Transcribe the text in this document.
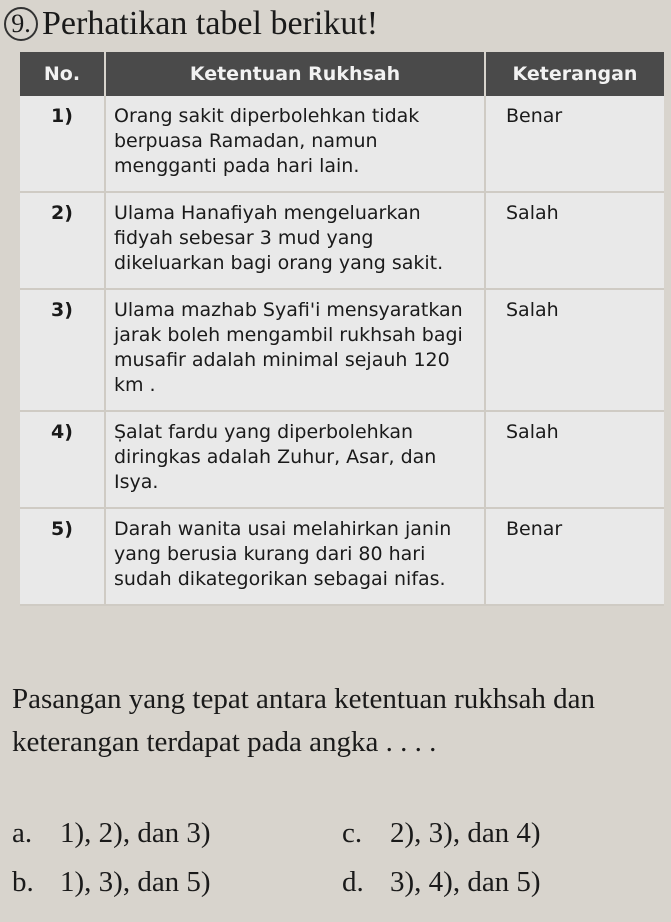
9. Perhatikan tabel berikut!
No.	Ketentuan Rukhsah	Keterangan
1)	Orang sakit diperbolehkan tidak berpuasa Ramadan, namun mengganti pada hari lain.	Benar
2)	Ulama Hanafiyah mengeluarkan fidyah sebesar 3 mud yang dikeluarkan bagi orang yang sakit.	Salah
3)	Ulama mazhab Syafi'i mensyaratkan jarak boleh mengambil rukhsah bagi musafir adalah minimal sejauh 120 km .	Salah
4)	Ṣalat fardu yang diperbolehkan diringkas adalah Zuhur, Asar, dan Isya.	Salah
5)	Darah wanita usai melahirkan janin yang berusia kurang dari 80 hari sudah dikategorikan sebagai nifas.	Benar
Pasangan yang tepat antara ketentuan rukhsah dan keterangan terdapat pada angka . . . .
a. 1), 2), dan 3)	c. 2), 3), dan 4)
b. 1), 3), dan 5)	d. 3), 4), dan 5)
